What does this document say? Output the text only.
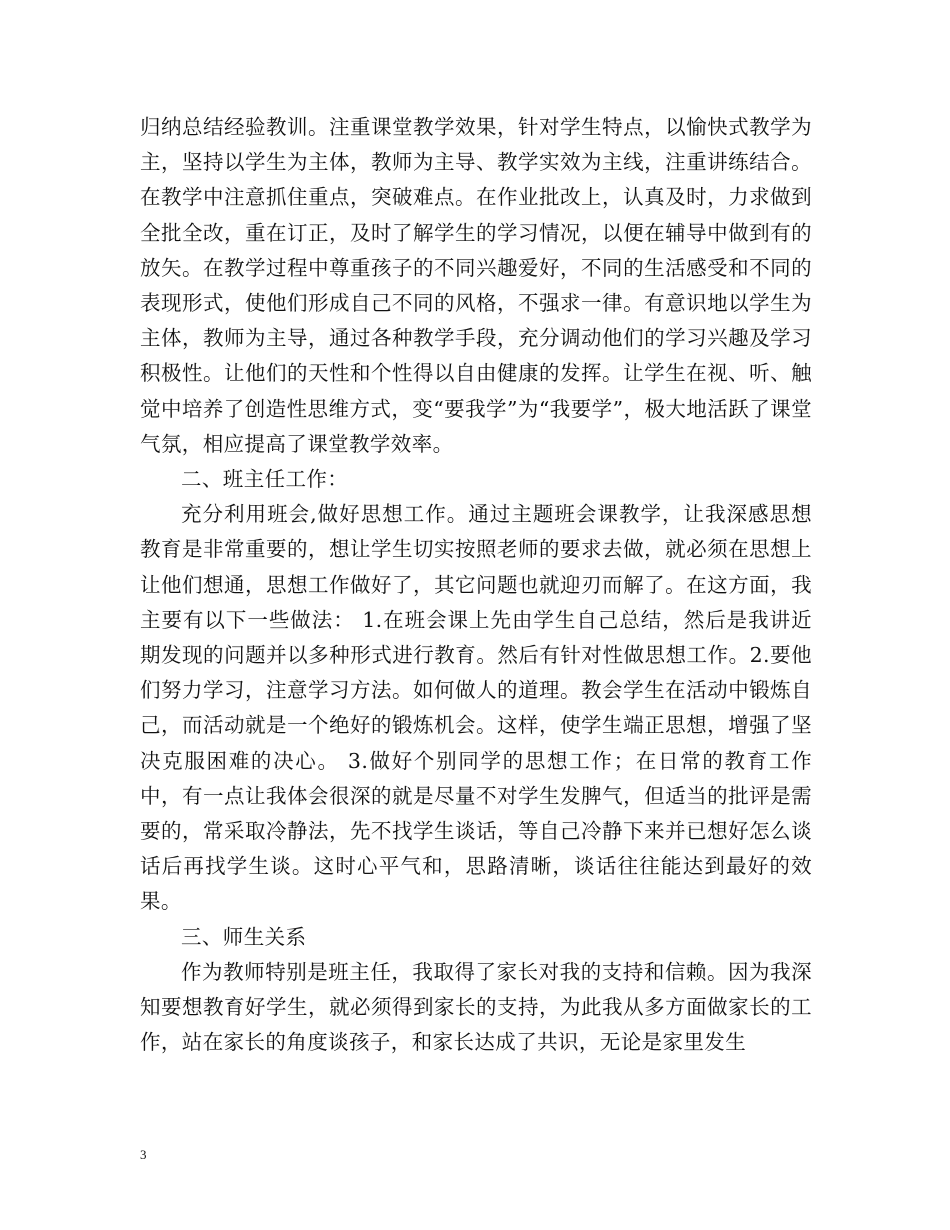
归纳总结经验教训。注重课堂教学效果，针对学生特点，以愉快式教学为主，坚持以学生为主体，教师为主导、教学实效为主线，注重讲练结合。在教学中注意抓住重点，突破难点。在作业批改上，认真及时，力求做到全批全改，重在订正，及时了解学生的学习情况，以便在辅导中做到有的放矢。在教学过程中尊重孩子的不同兴趣爱好，不同的生活感受和不同的表现形式，使他们形成自己不同的风格，不强求一律。有意识地以学生为主体，教师为主导，通过各种教学手段，充分调动他们的学习兴趣及学习积极性。让他们的天性和个性得以自由健康的发挥。让学生在视、听、触觉中培养了创造性思维方式，变“要我学”为“我要学”，极大地活跃了课堂气氛，相应提高了课堂教学效率。

二、班主任工作：

充分利用班会,做好思想工作。通过主题班会课教学，让我深感思想教育是非常重要的，想让学生切实按照老师的要求去做，就必须在思想上让他们想通，思想工作做好了，其它问题也就迎刃而解了。在这方面，我主要有以下一些做法： 1.在班会课上先由学生自己总结，然后是我讲近期发现的问题并以多种形式进行教育。然后有针对性做思想工作。2.要他们努力学习，注意学习方法。如何做人的道理。教会学生在活动中锻炼自己，而活动就是一个绝好的锻炼机会。这样，使学生端正思想，增强了坚决克服困难的决心。 3.做好个别同学的思想工作；在日常的教育工作中，有一点让我体会很深的就是尽量不对学生发脾气，但适当的批评是需要的，常采取冷静法，先不找学生谈话，等自己冷静下来并已想好怎么谈话后再找学生谈。这时心平气和，思路清晰，谈话往往能达到最好的效果。

三、师生关系

作为教师特别是班主任，我取得了家长对我的支持和信赖。因为我深知要想教育好学生，就必须得到家长的支持，为此我从多方面做家长的工作，站在家长的角度谈孩子，和家长达成了共识，无论是家里发生

3
